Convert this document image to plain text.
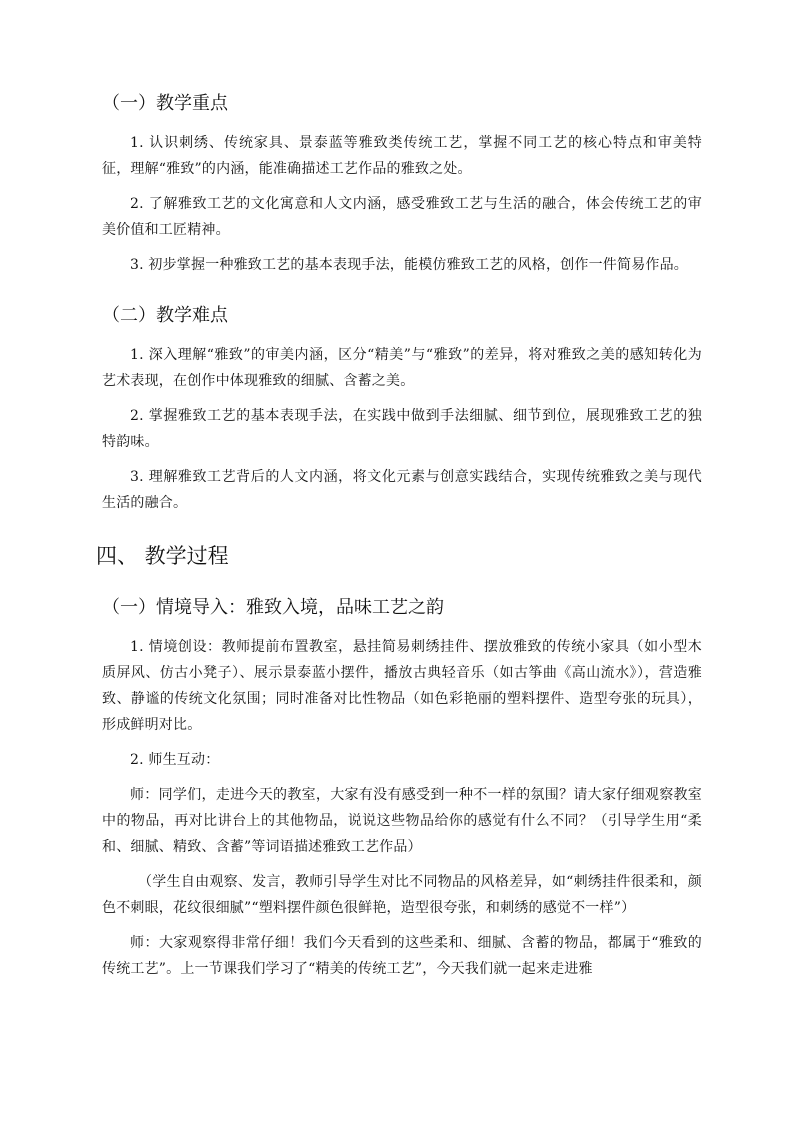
（一）教学重点

1. 认识刺绣、传统家具、景泰蓝等雅致类传统工艺，掌握不同工艺的核心特点和审美特征，理解“雅致”的内涵，能准确描述工艺作品的雅致之处。

2. 了解雅致工艺的文化寓意和人文内涵，感受雅致工艺与生活的融合，体会传统工艺的审美价值和工匠精神。

3. 初步掌握一种雅致工艺的基本表现手法，能模仿雅致工艺的风格，创作一件简易作品。

（二）教学难点

1. 深入理解“雅致”的审美内涵，区分“精美”与“雅致”的差异，将对雅致之美的感知转化为艺术表现，在创作中体现雅致的细腻、含蓄之美。

2. 掌握雅致工艺的基本表现手法，在实践中做到手法细腻、细节到位，展现雅致工艺的独特韵味。

3. 理解雅致工艺背后的人文内涵，将文化元素与创意实践结合，实现传统雅致之美与现代生活的融合。

四、 教学过程
（一）情境导入：雅致入境，品味工艺之韵

1. 情境创设：教师提前布置教室，悬挂简易刺绣挂件、摆放雅致的传统小家具（如小型木质屏风、仿古小凳子）、展示景泰蓝小摆件，播放古典轻音乐（如古筝曲《高山流水》），营造雅致、静谧的传统文化氛围；同时准备对比性物品（如色彩艳丽的塑料摆件、造型夸张的玩具），形成鲜明对比。

2. 师生互动：

师：同学们，走进今天的教室，大家有没有感受到一种不一样的氛围？请大家仔细观察教室中的物品，再对比讲台上的其他物品，说说这些物品给你的感觉有什么不同？（引导学生用“柔和、细腻、精致、含蓄”等词语描述雅致工艺作品）

（学生自由观察、发言，教师引导学生对比不同物品的风格差异，如“刺绣挂件很柔和，颜色不刺眼，花纹很细腻”“塑料摆件颜色很鲜艳，造型很夸张，和刺绣的感觉不一样”）

师：大家观察得非常仔细！我们今天看到的这些柔和、细腻、含蓄的物品，都属于“雅致的传统工艺”。上一节课我们学习了“精美的传统工艺”，今天我们就一起来走进雅
